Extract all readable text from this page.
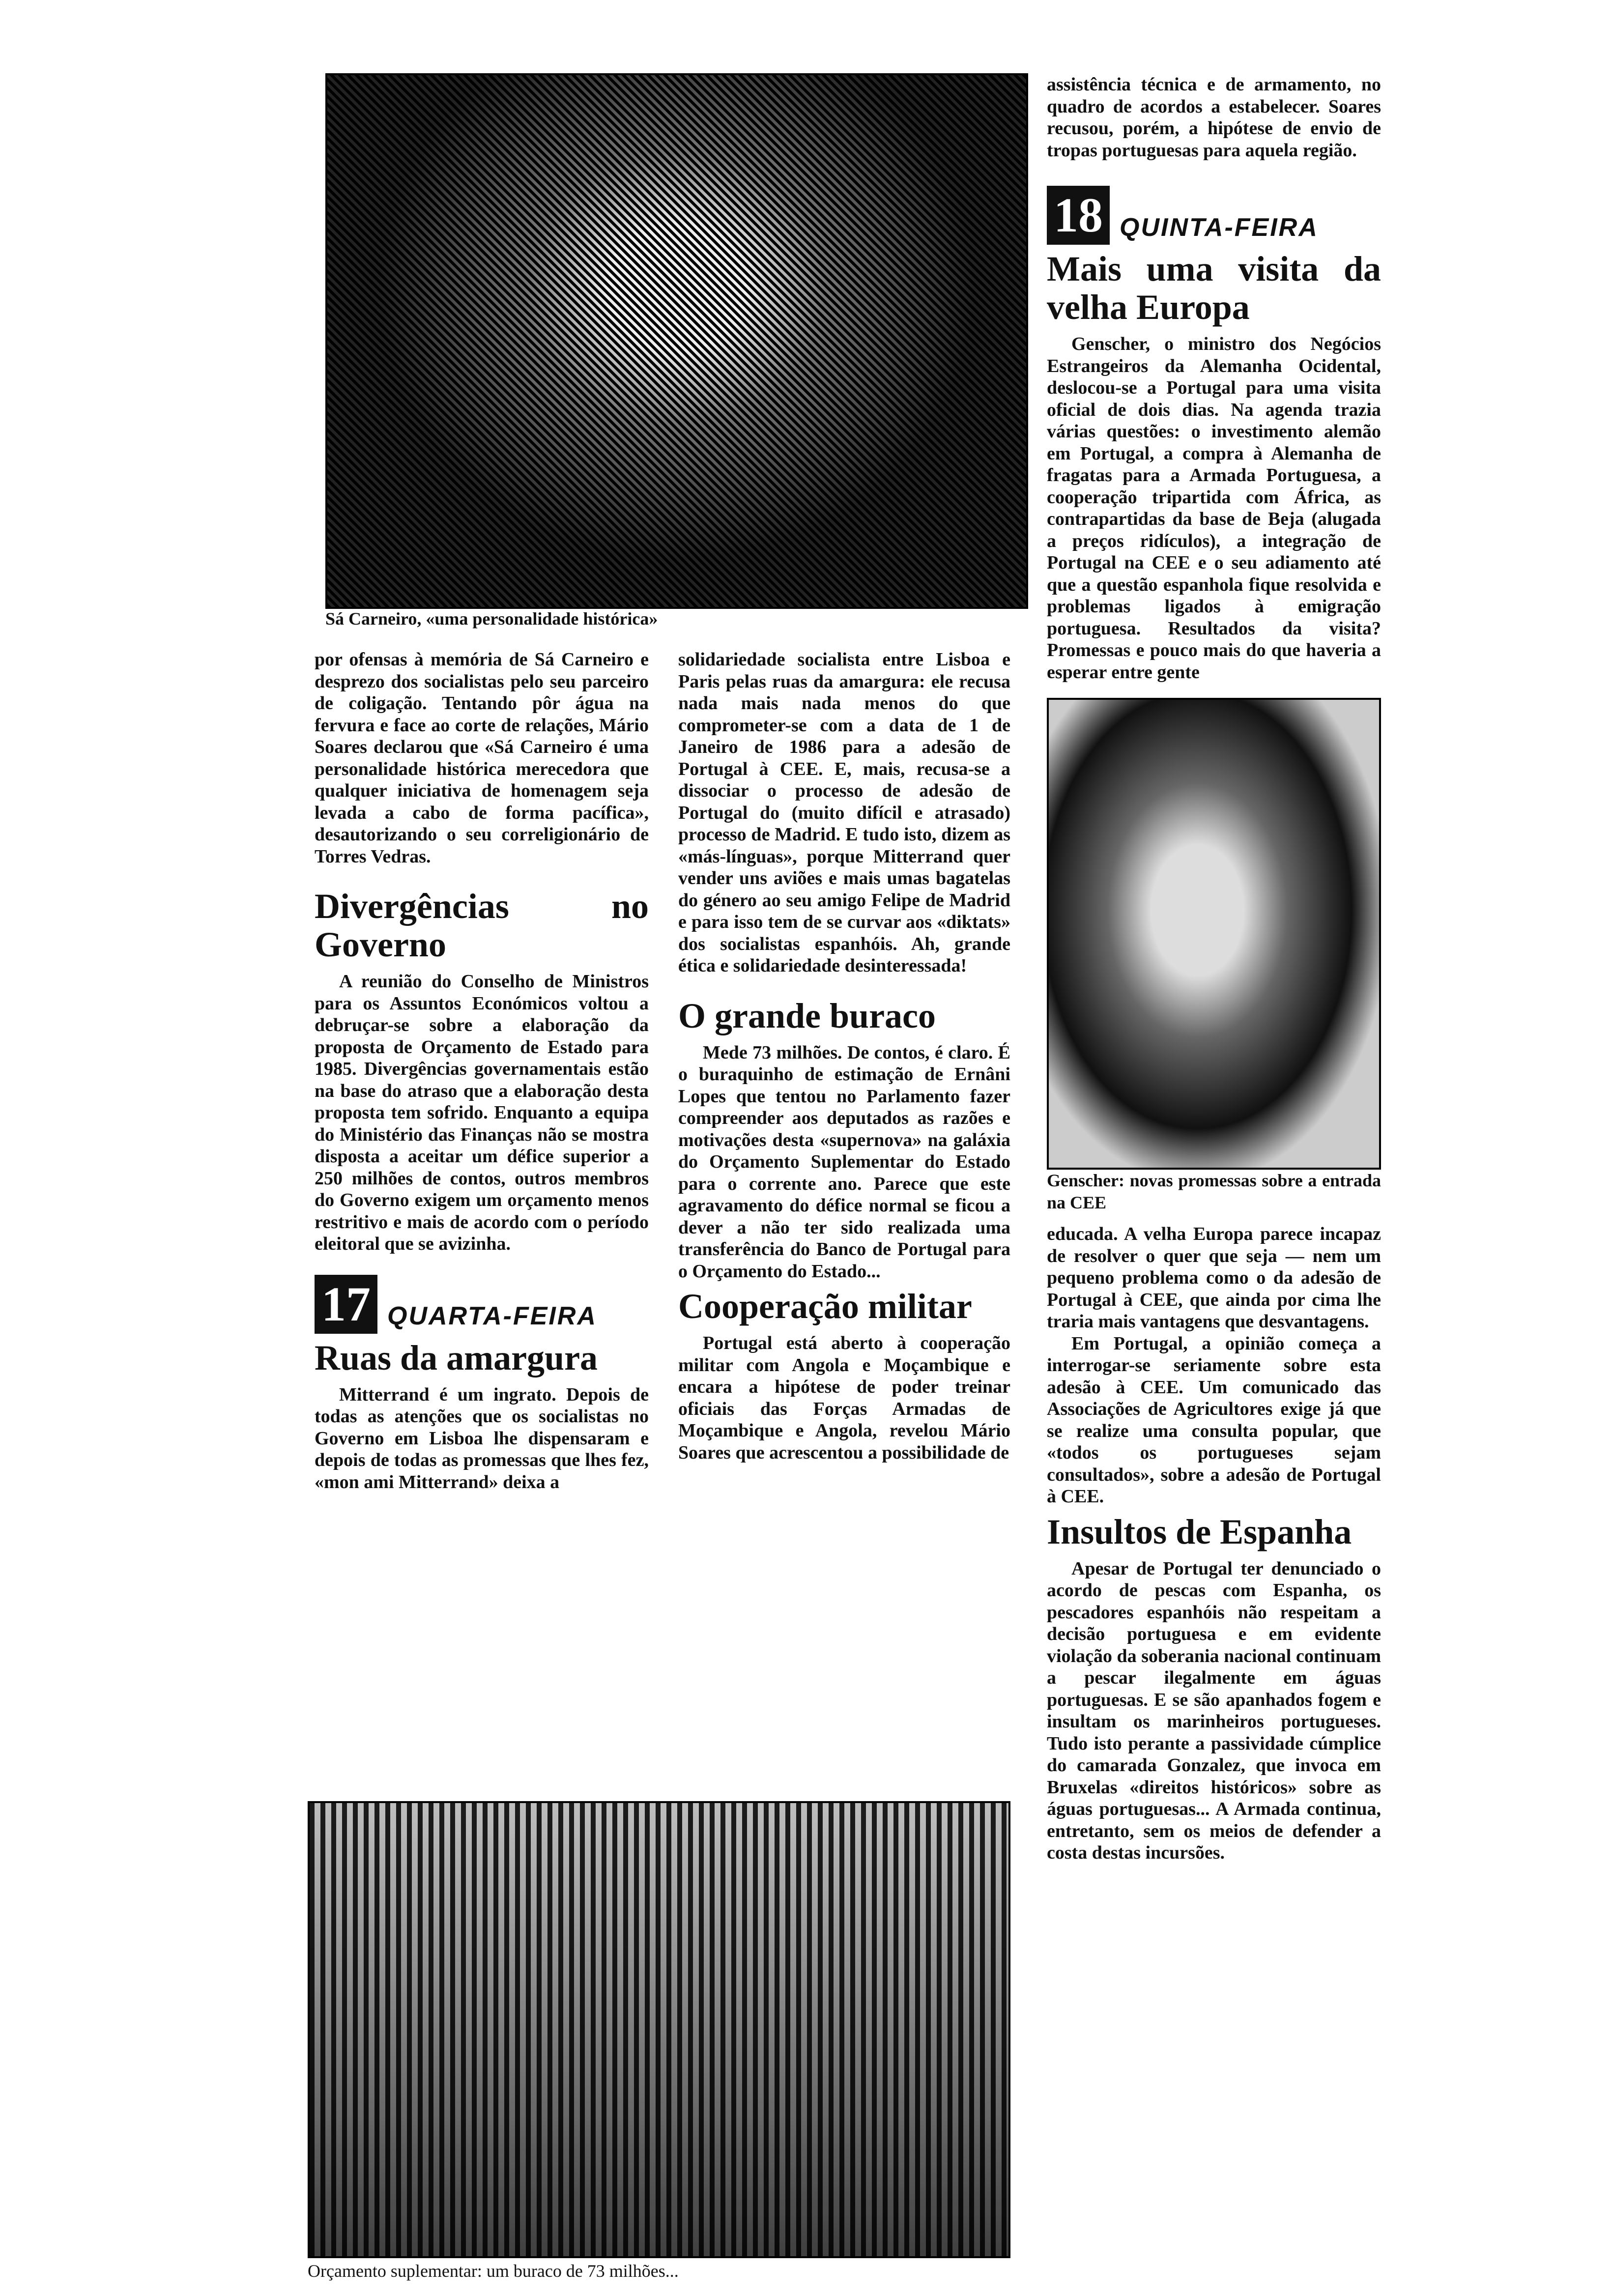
Sá Carneiro, «uma personalidade histórica»

por ofensas à memória de Sá Carneiro e desprezo dos socialistas pelo seu parceiro de coligação. Tentando pôr água na fervura e face ao corte de relações, Mário Soares declarou que «Sá Carneiro é uma personalidade histórica merecedora que qualquer iniciativa de homenagem seja levada a cabo de forma pacífica», desautorizando o seu correligionário de Torres Vedras.

Divergências no Governo

A reunião do Conselho de Ministros para os Assuntos Económicos voltou a debruçar-se sobre a elaboração da proposta de Orçamento de Estado para 1985. Divergências governamentais estão na base do atraso que a elaboração desta proposta tem sofrido. Enquanto a equipa do Ministério das Finanças não se mostra disposta a aceitar um défice superior a 250 milhões de contos, outros membros do Governo exigem um orçamento menos restritivo e mais de acordo com o período eleitoral que se avizinha.

17 QUARTA-FEIRA
Ruas da amargura

Mitterrand é um ingrato. Depois de todas as atenções que os socialistas no Governo em Lisboa lhe dispensaram e depois de todas as promessas que lhes fez, «mon ami Mitterrand» deixa a

solidariedade socialista entre Lisboa e Paris pelas ruas da amargura: ele recusa nada mais nada menos do que comprometer-se com a data de 1 de Janeiro de 1986 para a adesão de Portugal à CEE. E, mais, recusa-se a dissociar o processo de adesão de Portugal do (muito difícil e atrasado) processo de Madrid. E tudo isto, dizem as «más-línguas», porque Mitterrand quer vender uns aviões e mais umas bagatelas do género ao seu amigo Felipe de Madrid e para isso tem de se curvar aos «diktats» dos socialistas espanhóis. Ah, grande ética e solidariedade desinteressada!

O grande buraco

Mede 73 milhões. De contos, é claro. É o buraquinho de estimação de Ernâni Lopes que tentou no Parlamento fazer compreender aos deputados as razões e motivações desta «supernova» na galáxia do Orçamento Suplementar do Estado para o corrente ano. Parece que este agravamento do défice normal se ficou a dever a não ter sido realizada uma transferência do Banco de Portugal para o Orçamento do Estado...

Cooperação militar

Portugal está aberto à cooperação militar com Angola e Moçambique e encara a hipótese de poder treinar oficiais das Forças Armadas de Moçambique e Angola, revelou Mário Soares que acrescentou a possibilidade de

assistência técnica e de armamento, no quadro de acordos a estabelecer. Soares recusou, porém, a hipótese de envio de tropas portuguesas para aquela região.

18 QUINTA-FEIRA
Mais uma visita da velha Europa

Genscher, o ministro dos Negócios Estrangeiros da Alemanha Ocidental, deslocou-se a Portugal para uma visita oficial de dois dias. Na agenda trazia várias questões: o investimento alemão em Portugal, a compra à Alemanha de fragatas para a Armada Portuguesa, a cooperação tripartida com África, as contrapartidas da base de Beja (alugada a preços ridículos), a integração de Portugal na CEE e o seu adiamento até que a questão espanhola fique resolvida e problemas ligados à emigração portuguesa. Resultados da visita? Promessas e pouco mais do que haveria a esperar entre gente

Genscher: novas promessas sobre a entrada na CEE

educada. A velha Europa parece incapaz de resolver o quer que seja — nem um pequeno problema como o da adesão de Portugal à CEE, que ainda por cima lhe traria mais vantagens que desvantagens.

Em Portugal, a opinião começa a interrogar-se seriamente sobre esta adesão à CEE. Um comunicado das Associações de Agricultores exige já que se realize uma consulta popular, que «todos os portugueses sejam consultados», sobre a adesão de Portugal à CEE.

Insultos de Espanha

Apesar de Portugal ter denunciado o acordo de pescas com Espanha, os pescadores espanhóis não respeitam a decisão portuguesa e em evidente violação da soberania nacional continuam a pescar ilegalmente em águas portuguesas. E se são apanhados fogem e insultam os marinheiros portugueses. Tudo isto perante a passividade cúmplice do camarada Gonzalez, que invoca em Bruxelas «direitos históricos» sobre as águas portuguesas... A Armada continua, entretanto, sem os meios de defender a costa destas incursões.

Orçamento suplementar: um buraco de 73 milhões...
